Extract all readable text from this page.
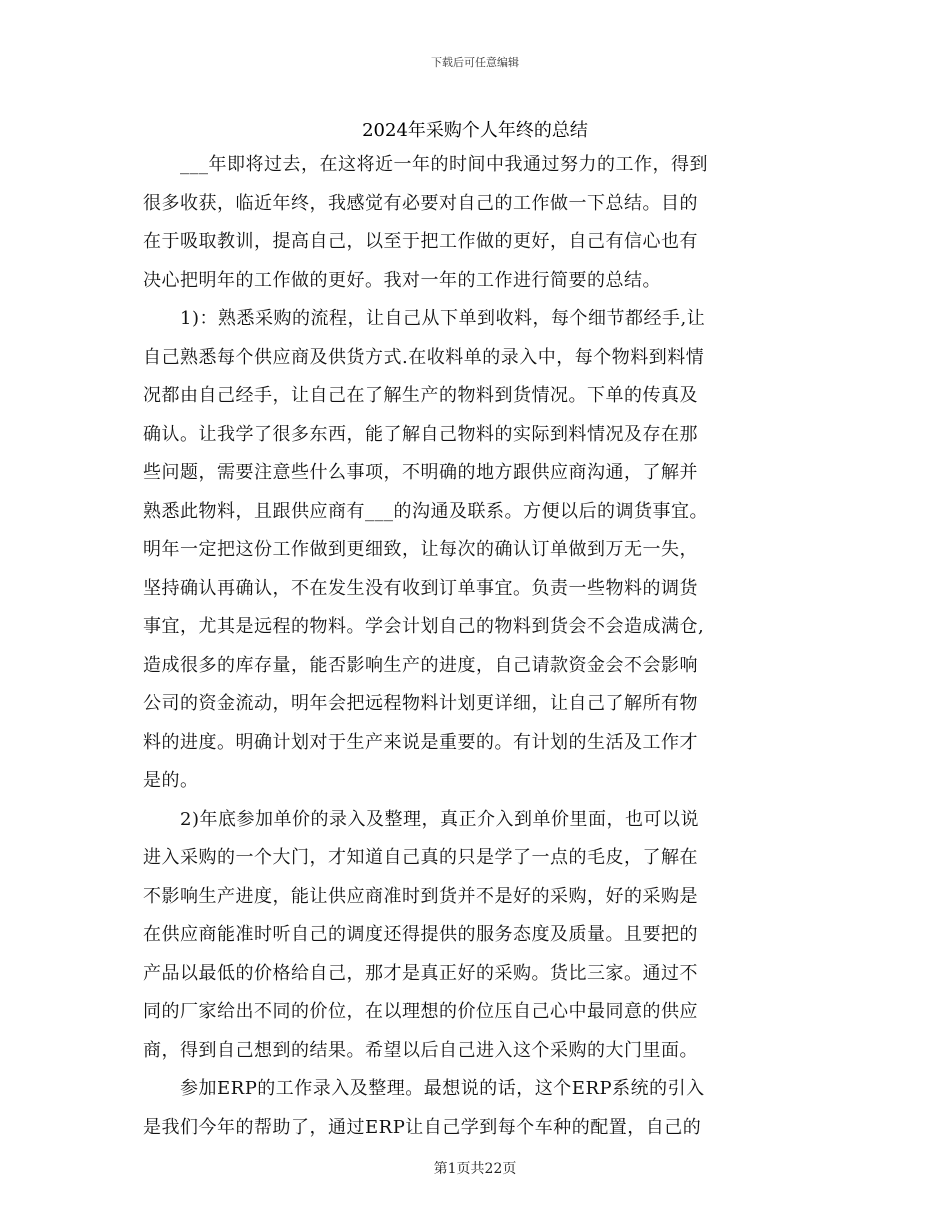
下载后可任意编辑
2024年采购个人年终的总结
　　___年即将过去，在这将近一年的时间中我通过努力的工作，得到
很多收获，临近年终，我感觉有必要对自己的工作做一下总结。目的
在于吸取教训，提高自己，以至于把工作做的更好，自己有信心也有
决心把明年的工作做的更好。我对一年的工作进行简要的总结。
　　1)：熟悉采购的流程，让自己从下单到收料，每个细节都经手,让
自己熟悉每个供应商及供货方式.在收料单的录入中，每个物料到料情
况都由自己经手，让自己在了解生产的物料到货情况。下单的传真及
确认。让我学了很多东西，能了解自己物料的实际到料情况及存在那
些问题，需要注意些什么事项，不明确的地方跟供应商沟通，了解并
熟悉此物料，且跟供应商有___的沟通及联系。方便以后的调货事宜。
明年一定把这份工作做到更细致，让每次的确认订单做到万无一失，
坚持确认再确认，不在发生没有收到订单事宜。负责一些物料的调货
事宜，尤其是远程的物料。学会计划自己的物料到货会不会造成满仓,
造成很多的库存量，能否影响生产的进度，自己请款资金会不会影响
公司的资金流动，明年会把远程物料计划更详细，让自己了解所有物
料的进度。明确计划对于生产来说是重要的。有计划的生活及工作才
是的。
　　2)年底参加单价的录入及整理，真正介入到单价里面，也可以说
进入采购的一个大门，才知道自己真的只是学了一点的毛皮，了解在
不影响生产进度，能让供应商准时到货并不是好的采购，好的采购是
在供应商能准时听自己的调度还得提供的服务态度及质量。且要把的
产品以最低的价格给自己，那才是真正好的采购。货比三家。通过不
同的厂家给出不同的价位，在以理想的价位压自己心中最同意的供应
商，得到自己想到的结果。希望以后自己进入这个采购的大门里面。
　　参加ERP的工作录入及整理。最想说的话，这个ERP系统的引入
是我们今年的帮助了，通过ERP让自己学到每个车种的配置，自己的
第1页共22页
